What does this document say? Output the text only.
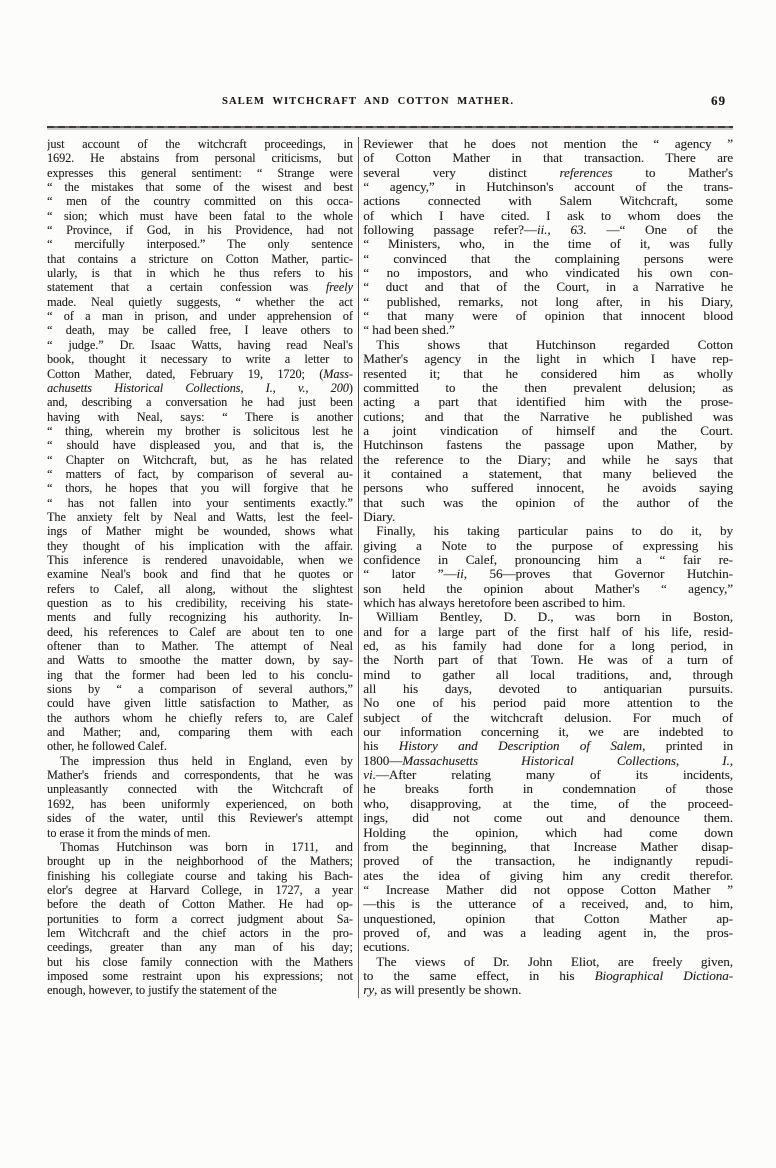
SALEM WITCHCRAFT AND COTTON MATHER.	69
just account of the witchcraft proceedings, in
1692. He abstains from personal criticisms, but
expresses this general sentiment: “ Strange were
“ the mistakes that some of the wisest and best
“ men of the country committed on this occa-
“ sion; which must have been fatal to the whole
“ Province, if God, in his Providence, had not
“ mercifully interposed.” The only sentence
that contains a stricture on Cotton Mather, partic-
ularly, is that in which he thus refers to his
statement that a certain confession was freely
made. Neal quietly suggests, “ whether the act
“ of a man in prison, and under apprehension of
“ death, may be called free, I leave others to
“ judge.” Dr. Isaac Watts, having read Neal's
book, thought it necessary to write a letter to
Cotton Mather, dated, February 19, 1720; (Mass-
achusetts Historical Collections, I., v., 200)
and, describing a conversation he had just been
having with Neal, says: “ There is another
“ thing, wherein my brother is solicitous lest he
“ should have displeased you, and that is, the
“ Chapter on Witchcraft, but, as he has related
“ matters of fact, by comparison of several au-
“ thors, he hopes that you will forgive that he
“ has not fallen into your sentiments exactly.”
The anxiety felt by Neal and Watts, lest the feel-
ings of Mather might be wounded, shows what
they thought of his implication with the affair.
This inference is rendered unavoidable, when we
examine Neal's book and find that he quotes or
refers to Calef, all along, without the slightest
question as to his credibility, receiving his state-
ments and fully recognizing his authority. In-
deed, his references to Calef are about ten to one
oftener than to Mather. The attempt of Neal
and Watts to smoothe the matter down, by say-
ing that the former had been led to his conclu-
sions by “ a comparison of several authors,”
could have given little satisfaction to Mather, as
the authors whom he chiefly refers to, are Calef
and Mather; and, comparing them with each
other, he followed Calef.
The impression thus held in England, even by
Mather's friends and correspondents, that he was
unpleasantly connected with the Witchcraft of
1692, has been uniformly experienced, on both
sides of the water, until this Reviewer's attempt
to erase it from the minds of men.
Thomas Hutchinson was born in 1711, and
brought up in the neighborhood of the Mathers;
finishing his collegiate course and taking his Bach-
elor's degree at Harvard College, in 1727, a year
before the death of Cotton Mather. He had op-
portunities to form a correct judgment about Sa-
lem Witchcraft and the chief actors in the pro-
ceedings, greater than any man of his day;
but his close family connection with the Mathers
imposed some restraint upon his expressions; not
enough, however, to justify the statement of the
Reviewer that he does not mention the “ agency ”
of Cotton Mather in that transaction. There are
several very distinct references to Mather's
“ agency,” in Hutchinson's account of the trans-
actions connected with Salem Witchcraft, some
of which I have cited. I ask to whom does the
following passage refer?—ii., 63. —“ One of the
“ Ministers, who, in the time of it, was fully
“ convinced that the complaining persons were
“ no impostors, and who vindicated his own con-
“ duct and that of the Court, in a Narrative he
“ published, remarks, not long after, in his Diary,
“ that many were of opinion that innocent blood
“ had been shed.”
This shows that Hutchinson regarded Cotton
Mather's agency in the light in which I have rep-
resented it; that he considered him as wholly
committed to the then prevalent delusion; as
acting a part that identified him with the prose-
cutions; and that the Narrative he published was
a joint vindication of himself and the Court.
Hutchinson fastens the passage upon Mather, by
the reference to the Diary; and while he says that
it contained a statement, that many believed the
persons who suffered innocent, he avoids saying
that such was the opinion of the author of the
Diary.
Finally, his taking particular pains to do it, by
giving a Note to the purpose of expressing his
confidence in Calef, pronouncing him a “ fair re-
“ lator ”—ii, 56—proves that Governor Hutchin-
son held the opinion about Mather's “ agency,”
which has always heretofore been ascribed to him.
William Bentley, D. D., was born in Boston,
and for a large part of the first half of his life, resid-
ed, as his family had done for a long period, in
the North part of that Town. He was of a turn of
mind to gather all local traditions, and, through
all his days, devoted to antiquarian pursuits.
No one of his period paid more attention to the
subject of the witchcraft delusion. For much of
our information concerning it, we are indebted to
his History and Description of Salem, printed in
1800—Massachusetts Historical Collections, I.,
vi.—After relating many of its incidents,
he breaks forth in condemnation of those
who, disapproving, at the time, of the proceed-
ings, did not come out and denounce them.
Holding the opinion, which had come down
from the beginning, that Increase Mather disap-
proved of the transaction, he indignantly repudi-
ates the idea of giving him any credit therefor.
“ Increase Mather did not oppose Cotton Mather ”
—this is the utterance of a received, and, to him,
unquestioned, opinion that Cotton Mather ap-
proved of, and was a leading agent in, the pros-
ecutions.
The views of Dr. John Eliot, are freely given,
to the same effect, in his Biographical Dictiona-
ry, as will presently be shown.
